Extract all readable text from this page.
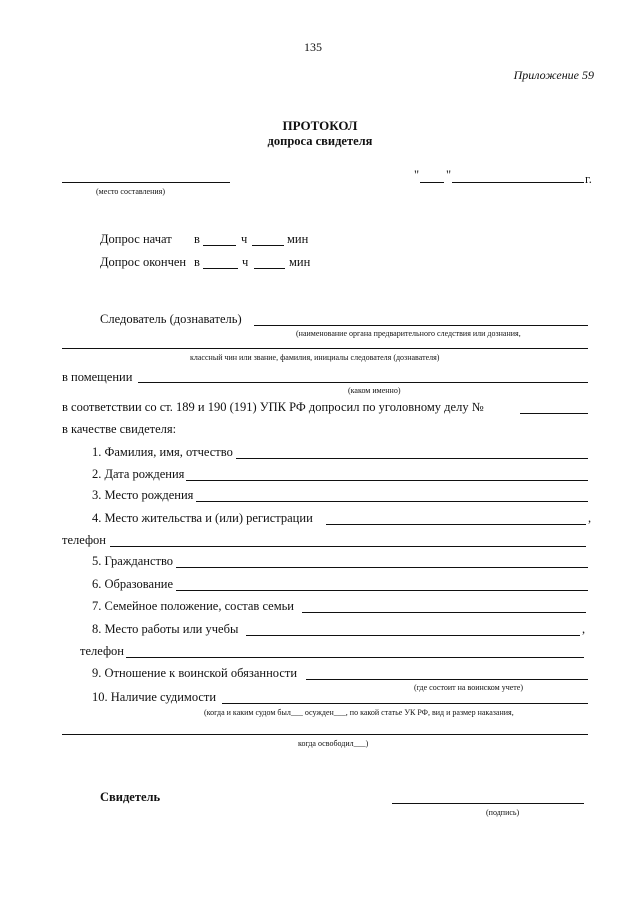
135
Приложение 59
ПРОТОКОЛ
допроса свидетеля
(место составления)
" "	г.
Допрос начат в	ч	мин
Допрос окончен в	ч	мин
Следователь (дознаватель)
(наименование органа предварительного следствия или дознания,
классный чин или звание, фамилия, инициалы следователя (дознавателя)
в помещении
(каком именно)
в соответствии со ст. 189 и 190 (191) УПК РФ допросил по уголовному делу №
в качестве свидетеля:
1. Фамилия, имя, отчество
2. Дата рождения
3. Место рождения
4. Место жительства и (или) регистрации	,
телефон
5. Гражданство
6. Образование
7. Семейное положение, состав семьи
8. Место работы или учебы	,
телефон
9. Отношение к воинской обязанности
(где состоит на воинском учете)
10. Наличие судимости
(когда и каким судом был___ осужден___, по какой статье УК РФ, вид и размер наказания,
когда освободил___)
Свидетель
(подпись)
